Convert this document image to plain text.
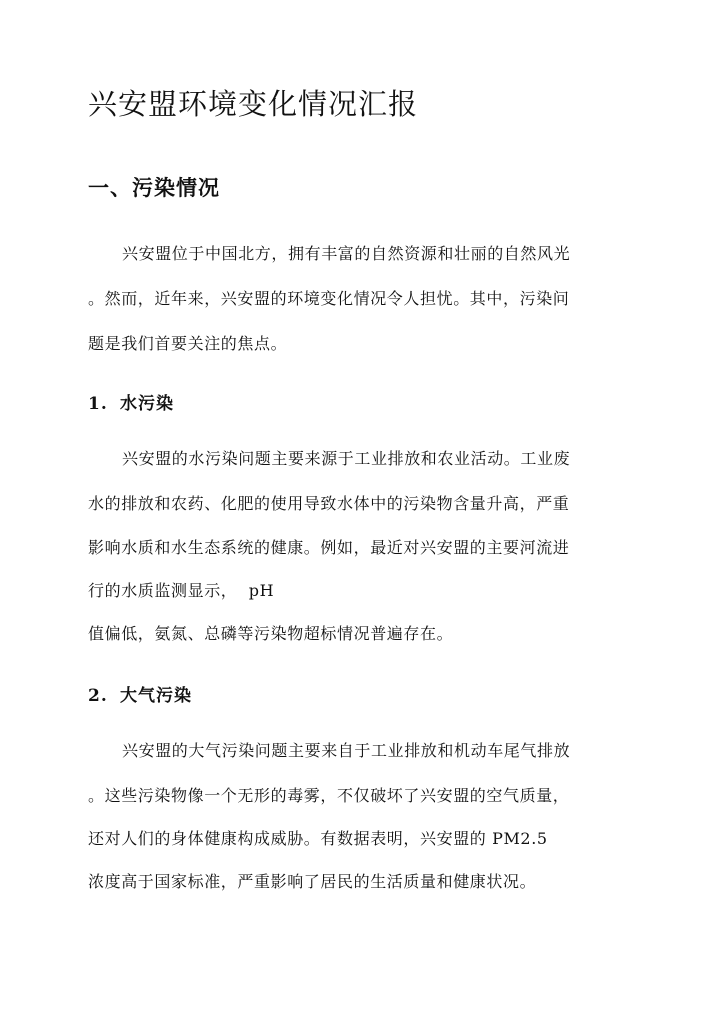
兴安盟环境变化情况汇报
一、污染情况

兴安盟位于中国北方，拥有丰富的自然资源和壮丽的自然风光

。然而，近年来，兴安盟的环境变化情况令人担忧。其中，污染问

题是我们首要关注的焦点。

1. 水污染

兴安盟的水污染问题主要来源于工业排放和农业活动。工业废

水的排放和农药、化肥的使用导致水体中的污染物含量升高，严重

影响水质和水生态系统的健康。例如，最近对兴安盟的主要河流进

行的水质监测显示，  pH

值偏低，氨氮、总磷等污染物超标情况普遍存在。

2. 大气污染

兴安盟的大气污染问题主要来自于工业排放和机动车尾气排放

。这些污染物像一个无形的毒雾，不仅破坏了兴安盟的空气质量，

还对人们的身体健康构成威胁。有数据表明，兴安盟的 PM2.5

浓度高于国家标准，严重影响了居民的生活质量和健康状况。
